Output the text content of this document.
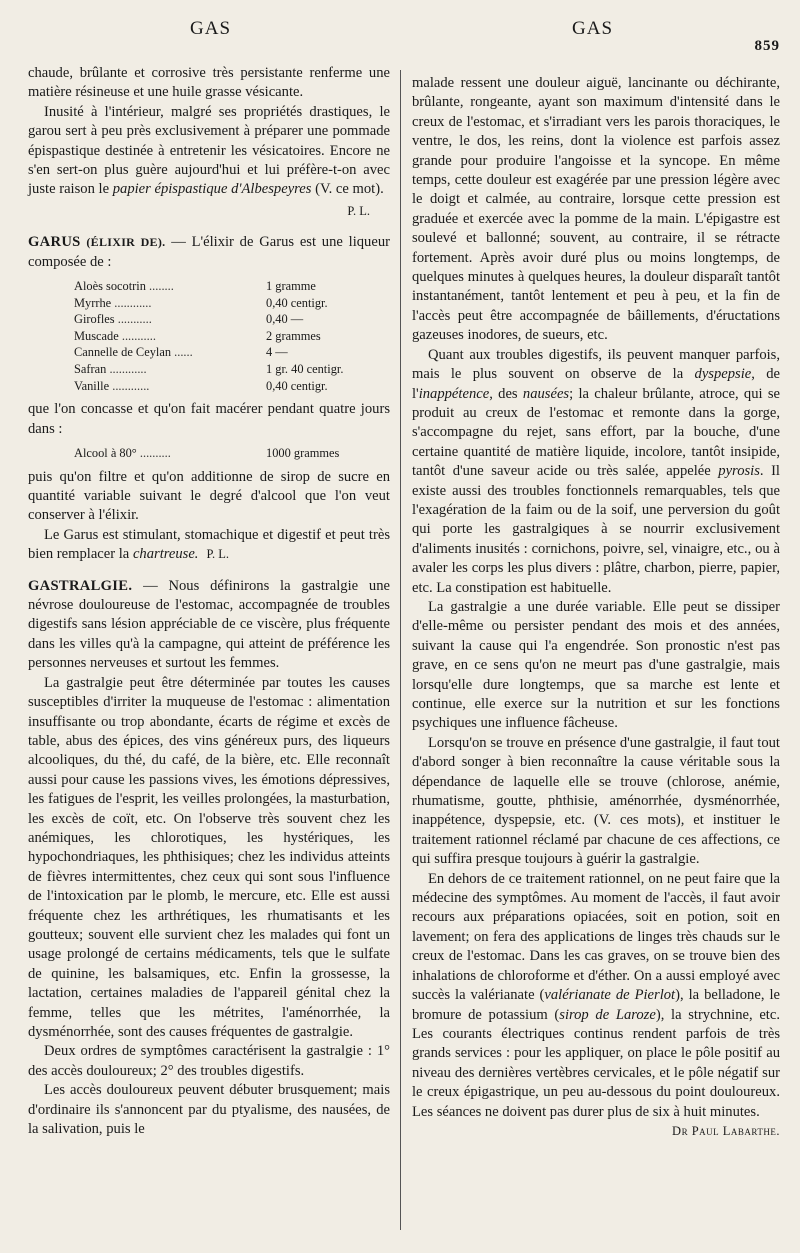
GAS	GAS
859

chaude, brûlante et corrosive très persistante renferme une matière résineuse et une huile grasse vésicante.

Inusité à l'intérieur, malgré ses propriétés drastiques, le garou sert à peu près exclusivement à préparer une pommade épispastique destinée à entretenir les vésicatoires. Encore ne s'en sert-on plus guère aujourd'hui et lui préfère-t-on avec juste raison le papier épispastique d'Albespeyres (V. ce mot).

P. L.

GARUS (ÉLIXIR DE). — L'élixir de Garus est une liqueur composée de :

Aloès socotrin ........	1 gramme
Myrrhe ............	0,40 centigr.
Girofles ...........	0,40 —
Muscade ...........	2 grammes
Cannelle de Ceylan ......	4 —
Safran ............	1 gr. 40 centigr.
Vanille ............	0,40 centigr.

que l'on concasse et qu'on fait macérer pendant quatre jours dans :

Alcool à 80° ..........	1000 grammes

puis qu'on filtre et qu'on additionne de sirop de sucre en quantité variable suivant le degré d'alcool que l'on veut conserver à l'élixir.

Le Garus est stimulant, stomachique et digestif et peut très bien remplacer la chartreuse. P. L.

GASTRALGIE. — Nous définirons la gastralgie une névrose douloureuse de l'estomac, accompagnée de troubles digestifs sans lésion appréciable de ce viscère, plus fréquente dans les villes qu'à la campagne, qui atteint de préférence les personnes nerveuses et surtout les femmes.

La gastralgie peut être déterminée par toutes les causes susceptibles d'irriter la muqueuse de l'estomac : alimentation insuffisante ou trop abondante, écarts de régime et excès de table, abus des épices, des vins généreux purs, des liqueurs alcooliques, du thé, du café, de la bière, etc. Elle reconnaît aussi pour cause les passions vives, les émotions dépressives, les fatigues de l'esprit, les veilles prolongées, la masturbation, les excès de coït, etc. On l'observe très souvent chez les anémiques, les chlorotiques, les hystériques, les hypochondriaques, les phthisiques; chez les individus atteints de fièvres intermittentes, chez ceux qui sont sous l'influence de l'intoxication par le plomb, le mercure, etc. Elle est aussi fréquente chez les arthrétiques, les rhumatisants et les goutteux; souvent elle survient chez les malades qui font un usage prolongé de certains médicaments, tels que le sulfate de quinine, les balsamiques, etc. Enfin la grossesse, la lactation, certaines maladies de l'appareil génital chez la femme, telles que les métrites, l'aménorrhée, la dysménorrhée, sont des causes fréquentes de gastralgie.

Deux ordres de symptômes caractérisent la gastralgie : 1° des accès douloureux; 2° des troubles digestifs.

Les accès douloureux peuvent débuter brusquement; mais d'ordinaire ils s'annoncent par du ptyalisme, des nausées, de la salivation, puis le

malade ressent une douleur aiguë, lancinante ou déchirante, brûlante, rongeante, ayant son maximum d'intensité dans le creux de l'estomac, et s'irradiant vers les parois thoraciques, le ventre, le dos, les reins, dont la violence est parfois assez grande pour produire l'angoisse et la syncope. En même temps, cette douleur est exagérée par une pression légère avec le doigt et calmée, au contraire, lorsque cette pression est graduée et exercée avec la pomme de la main. L'épigastre est soulevé et ballonné; souvent, au contraire, il se rétracte fortement. Après avoir duré plus ou moins longtemps, de quelques minutes à quelques heures, la douleur disparaît tantôt instantanément, tantôt lentement et peu à peu, et la fin de l'accès peut être accompagnée de bâillements, d'éructations gazeuses inodores, de sueurs, etc.

Quant aux troubles digestifs, ils peuvent manquer parfois, mais le plus souvent on observe de la dyspepsie, de l'inappétence, des nausées; la chaleur brûlante, atroce, qui se produit au creux de l'estomac et remonte dans la gorge, s'accompagne du rejet, sans effort, par la bouche, d'une certaine quantité de matière liquide, incolore, tantôt insipide, tantôt d'une saveur acide ou très salée, appelée pyrosis. Il existe aussi des troubles fonctionnels remarquables, tels que l'exagération de la faim ou de la soif, une perversion du goût qui porte les gastralgiques à se nourrir exclusivement d'aliments inusités : cornichons, poivre, sel, vinaigre, etc., ou à avaler les corps les plus divers : plâtre, charbon, pierre, papier, etc. La constipation est habituelle.

La gastralgie a une durée variable. Elle peut se dissiper d'elle-même ou persister pendant des mois et des années, suivant la cause qui l'a engendrée. Son pronostic n'est pas grave, en ce sens qu'on ne meurt pas d'une gastralgie, mais lorsqu'elle dure longtemps, que sa marche est lente et continue, elle exerce sur la nutrition et sur les fonctions psychiques une influence fâcheuse.

Lorsqu'on se trouve en présence d'une gastralgie, il faut tout d'abord songer à bien reconnaître la cause véritable sous la dépendance de laquelle elle se trouve (chlorose, anémie, rhumatisme, goutte, phthisie, aménorrhée, dysménorrhée, inappétence, dyspepsie, etc. (V. ces mots), et instituer le traitement rationnel réclamé par chacune de ces affections, ce qui suffira presque toujours à guérir la gastralgie.

En dehors de ce traitement rationnel, on ne peut faire que la médecine des symptômes. Au moment de l'accès, il faut avoir recours aux préparations opiacées, soit en potion, soit en lavement; on fera des applications de linges très chauds sur le creux de l'estomac. Dans les cas graves, on se trouve bien des inhalations de chloroforme et d'éther. On a aussi employé avec succès la valérianate (valérianate de Pierlot), la belladone, le bromure de potassium (sirop de Laroze), la strychnine, etc. Les courants électriques continus rendent parfois de très grands services : pour les appliquer, on place le pôle positif au niveau des dernières vertèbres cervicales, et le pôle négatif sur le creux épigastrique, un peu au-dessous du point douloureux. Les séances ne doivent pas durer plus de six à huit minutes.

Dr Paul Labarthe.
